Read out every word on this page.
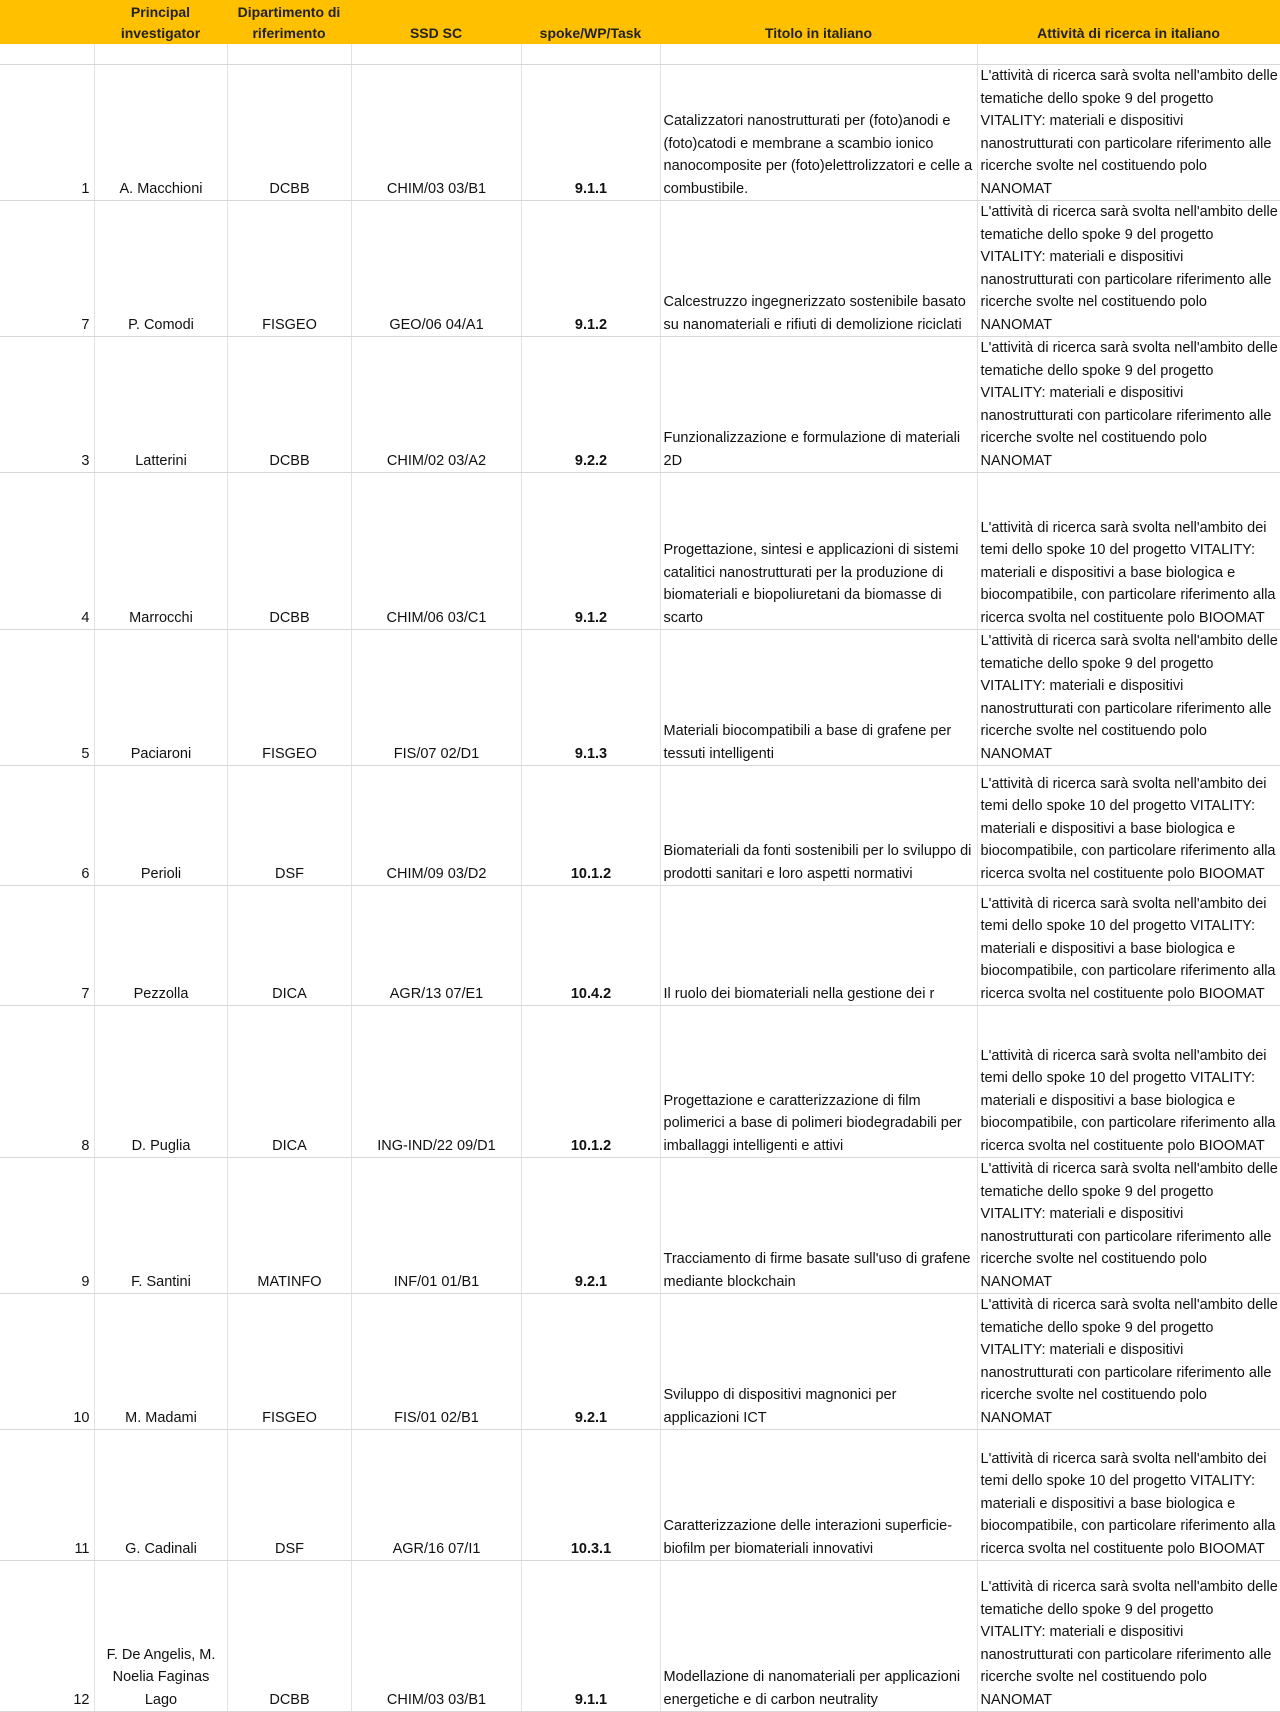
	Principal
investigator	Dipartimento di
riferimento	SSD SC	spoke/WP/Task	Titolo in italiano	Attività di ricerca in italiano

1	A. Macchioni	DCBB	CHIM/03 03/B1	9.1.1	Catalizzatori nanostrutturati per (foto)anodi e (foto)catodi e membrane a scambio ionico nanocomposite per (foto)elettrolizzatori e celle a combustibile.	L'attività di ricerca sarà svolta nell'ambito delle tematiche dello spoke 9 del progetto VITALITY: materiali e dispositivi nanostrutturati con particolare riferimento alle ricerche svolte nel costituendo polo NANOMAT
7	P. Comodi	FISGEO	GEO/06 04/A1	9.1.2	Calcestruzzo ingegnerizzato sostenibile basato su nanomateriali e rifiuti di demolizione riciclati	L'attività di ricerca sarà svolta nell'ambito delle tematiche dello spoke 9 del progetto VITALITY: materiali e dispositivi nanostrutturati con particolare riferimento alle ricerche svolte nel costituendo polo NANOMAT
3	Latterini	DCBB	CHIM/02 03/A2	9.2.2	Funzionalizzazione e formulazione di materiali 2D	L'attività di ricerca sarà svolta nell'ambito delle tematiche dello spoke 9 del progetto VITALITY: materiali e dispositivi nanostrutturati con particolare riferimento alle ricerche svolte nel costituendo polo NANOMAT
4	Marrocchi	DCBB	CHIM/06 03/C1	9.1.2	Progettazione, sintesi e applicazioni di sistemi catalitici nanostrutturati per la produzione di biomateriali e biopoliuretani da biomasse di scarto	L'attività di ricerca sarà svolta nell'ambito dei temi dello spoke 10 del progetto VITALITY: materiali e dispositivi a base biologica e biocompatibile, con particolare riferimento alla ricerca svolta nel costituente polo BIOOMAT
5	Paciaroni	FISGEO	FIS/07 02/D1	9.1.3	Materiali biocompatibili a base di grafene per tessuti intelligenti	L'attività di ricerca sarà svolta nell'ambito delle tematiche dello spoke 9 del progetto VITALITY: materiali e dispositivi nanostrutturati con particolare riferimento alle ricerche svolte nel costituendo polo NANOMAT
6	Perioli	DSF	CHIM/09 03/D2	10.1.2	Biomateriali da fonti sostenibili per lo sviluppo di prodotti sanitari e loro aspetti normativi	L'attività di ricerca sarà svolta nell'ambito dei temi dello spoke 10 del progetto VITALITY: materiali e dispositivi a base biologica e biocompatibile, con particolare riferimento alla ricerca svolta nel costituente polo BIOOMAT
7	Pezzolla	DICA	AGR/13 07/E1	10.4.2	Il ruolo dei biomateriali nella gestione dei r	L'attività di ricerca sarà svolta nell'ambito dei temi dello spoke 10 del progetto VITALITY: materiali e dispositivi a base biologica e biocompatibile, con particolare riferimento alla ricerca svolta nel costituente polo BIOOMAT
8	D. Puglia	DICA	ING-IND/22 09/D1	10.1.2	Progettazione e caratterizzazione di film polimerici a base di polimeri biodegradabili per imballaggi intelligenti e attivi	L'attività di ricerca sarà svolta nell'ambito dei temi dello spoke 10 del progetto VITALITY: materiali e dispositivi a base biologica e biocompatibile, con particolare riferimento alla ricerca svolta nel costituente polo BIOOMAT
9	F. Santini	MATINFO	INF/01 01/B1	9.2.1	Tracciamento di firme basate sull'uso di grafene mediante blockchain	L'attività di ricerca sarà svolta nell'ambito delle tematiche dello spoke 9 del progetto VITALITY: materiali e dispositivi nanostrutturati con particolare riferimento alle ricerche svolte nel costituendo polo NANOMAT
10	M. Madami	FISGEO	FIS/01 02/B1	9.2.1	Sviluppo di dispositivi magnonici per applicazioni ICT	L'attività di ricerca sarà svolta nell'ambito delle tematiche dello spoke 9 del progetto VITALITY: materiali e dispositivi nanostrutturati con particolare riferimento alle ricerche svolte nel costituendo polo NANOMAT
11	G. Cadinali	DSF	AGR/16 07/I1	10.3.1	Caratterizzazione delle interazioni superficie-biofilm per biomateriali innovativi	L'attività di ricerca sarà svolta nell'ambito dei temi dello spoke 10 del progetto VITALITY: materiali e dispositivi a base biologica e biocompatibile, con particolare riferimento alla ricerca svolta nel costituente polo BIOOMAT
12	F. De Angelis, M. Noelia Faginas Lago	DCBB	CHIM/03 03/B1	9.1.1	Modellazione di nanomateriali per applicazioni energetiche e di carbon neutrality	L'attività di ricerca sarà svolta nell'ambito delle tematiche dello spoke 9 del progetto VITALITY: materiali e dispositivi nanostrutturati con particolare riferimento alle ricerche svolte nel costituendo polo NANOMAT
